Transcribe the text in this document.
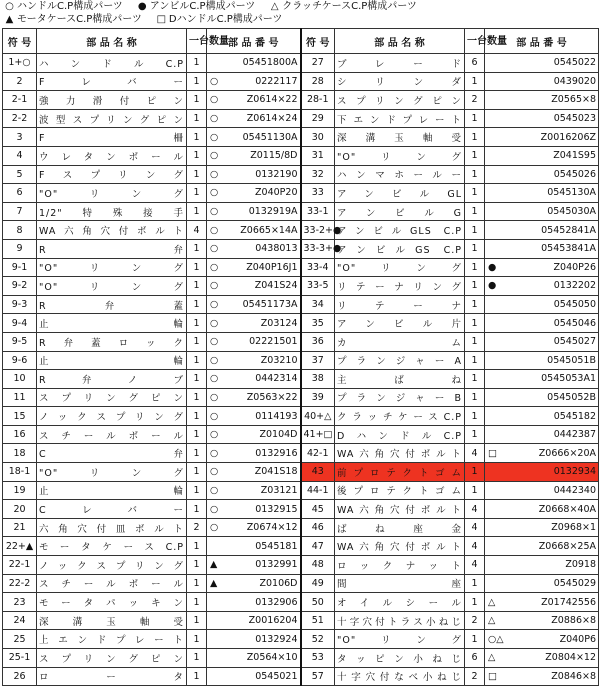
○ ハンドルC.P構成パーツ ● アンビルC.P構成パーツ △ クラッチケースC.P構成パーツ
▲ モータケースC.P構成パーツ □ DハンドルC.P構成パーツ
符 号	部 品 名 称	一台数量	部 品 番 号	符 号	部 品 名 称	一台数量	部 品 番 号
1+○	ハンドルC.P	1	05451800A	27	ブレード	6	0545022
2	Fレバー	1	○ 0222117	28	シリンダ	1	0439020
2-1	強力滑付ピン	1	○ Z0614×22	28-1	スプリングピン	2	Z0565×8
2-2	波型スプリングピン	1	○ Z0614×24	29	下エンドプレート	1	0545023
3	F柵	1	○ 05451130A	30	深溝玉軸受	1	Z0016206Z
4	ウレタンボール	1	○ Z0115/8D	31	"O"リング	1	Z041S95
5	Fスプリング	1	○ 0132190	32	ハンマホールー	1	0545026
6	"O"リング	1	○ Z040P20	33	アンビルGL	1	0545130A
7	1/2"特殊接手	1	○ 0132919A	33-1	アンビルG	1	0545030A
8	WA六角穴付ボルト	4	○ Z0665×14A	33-2+●	アンビルGLS C.P	1	05452841A
9	R弁	1	○ 0438013	33-3+●	アンビルGS C.P	1	05453841A
9-1	"O"リング	1	○ Z040P16J1	33-4	"O"リング	1	● Z040P26
9-2	"O"リング	1	○ Z041S24	33-5	リテーナリング	1	● 0132202
9-3	R弁蓋	1	○ 05451173A	34	リテーナ	1	0545050
9-4	止輪	1	○ Z03124	35	アンビル片	1	0545046
9-5	R弁蓋ロック	1	○ 02221501	36	カム	1	0545027
9-6	止輪	1	○ Z03210	37	プランジャーA	1	0545051B
10	R弁ノブ	1	○ 0442314	38	主ばね	1	0545053A1
11	スプリングピン	1	○ Z0563×22	39	プランジャーB	1	0545052B
15	ノックスプリング	1	○ 0114193	40+△	クラッチケースC.P	1	0545182
16	スチールボール	1	○ Z0104D	41+□	DハンドルC.P	1	0442387
18	C弁	1	○ 0132916	42-1	WA六角穴付ボルト	4	□ Z0666×20A
18-1	"O"リング	1	○ Z041S18	43	前プロテクトゴム	1	0132934
19	止輪	1	○ Z03121	44-1	後プロテクトゴム	1	0442340
20	Cレバー	1	○ 0132915	45	WA六角穴付ボルト	4	Z0668×40A
21	六角穴付皿ボルト	2	○ Z0674×12	46	ばね座金	4	Z0968×1
22+▲	モータケースC.P	1	0545181	47	WA六角穴付ボルト	4	Z0668×25A
22-1	ノックスプリング	1	▲ 0132991	48	ロックナット	4	Z0918
22-2	スチールボール	1	▲ Z0106D	49	間座	1	0545029
23	モータパッキン	1	0132906	50	オイルシール	1	△ Z01742556
24	深溝玉軸受	1	Z0016204	51	十字穴付トラス小ねじ	2	△ Z0886×8
25	上エンドプレート	1	0132924	52	"O"リング	1	○△ Z040P6
25-1	スプリングピン	1	Z0564×10	53	タッピン小ねじ	6	△ Z0804×12
26	ロータ	1	0545021	57	十字穴付なべ小ねじ	2	□ Z0846×8
